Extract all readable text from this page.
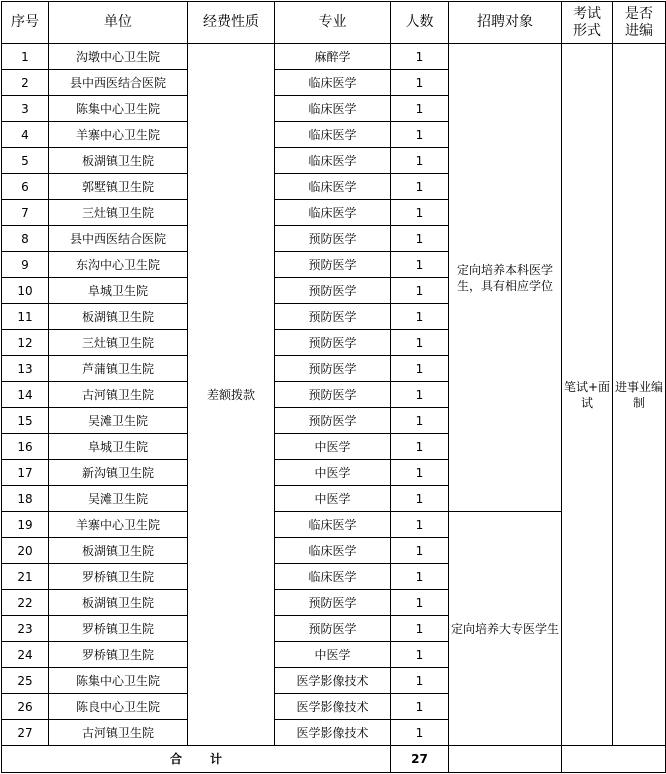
序号	单位	经费性质	专业	人数	招聘对象	考试形式	是否进编
1	沟墩中心卫生院	差额拨款	麻醉学	1	定向培养本科医学生，具有相应学位	笔试+面试	进事业编制
2	县中西医结合医院		临床医学	1			
3	陈集中心卫生院		临床医学	1			
4	羊寨中心卫生院		临床医学	1			
5	板湖镇卫生院		临床医学	1			
6	郭墅镇卫生院		临床医学	1			
7	三灶镇卫生院		临床医学	1			
8	县中西医结合医院		预防医学	1			
9	东沟中心卫生院		预防医学	1			
10	阜城卫生院		预防医学	1			
11	板湖镇卫生院		预防医学	1			
12	三灶镇卫生院		预防医学	1			
13	芦蒲镇卫生院		预防医学	1			
14	古河镇卫生院		预防医学	1			
15	吴滩卫生院		预防医学	1			
16	阜城卫生院		中医学	1			
17	新沟镇卫生院		中医学	1			
18	吴滩卫生院		中医学	1			
19	羊寨中心卫生院		临床医学	1	定向培养大专医学生		
20	板湖镇卫生院		临床医学	1			
21	罗桥镇卫生院		临床医学	1			
22	板湖镇卫生院		预防医学	1			
23	罗桥镇卫生院		预防医学	1			
24	罗桥镇卫生院		中医学	1			
25	陈集中心卫生院		医学影像技术	1			
26	陈良中心卫生院		医学影像技术	1			
27	古河镇卫生院		医学影像技术	1			
合计				27			
